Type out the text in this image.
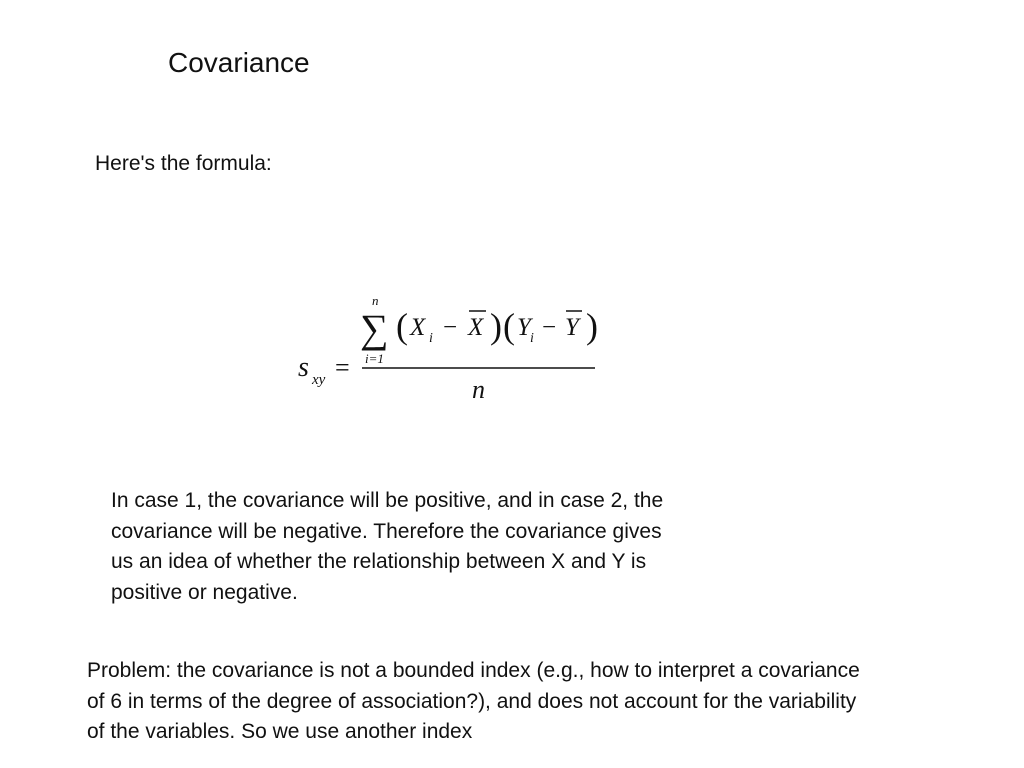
Covariance
Here's the formula:
s xy =
n
∑
i=1
( X i − X ) ( Y i − Y )
n
In case 1, the covariance will be positive, and in case 2, the
covariance will be negative. Therefore the covariance gives
us an idea of whether the relationship between X and Y is
positive or negative.
Problem: the covariance is not a bounded index (e.g., how to interpret a covariance
of 6 in terms of the degree of association?), and does not account for the variability
of the variables. So we use another index
